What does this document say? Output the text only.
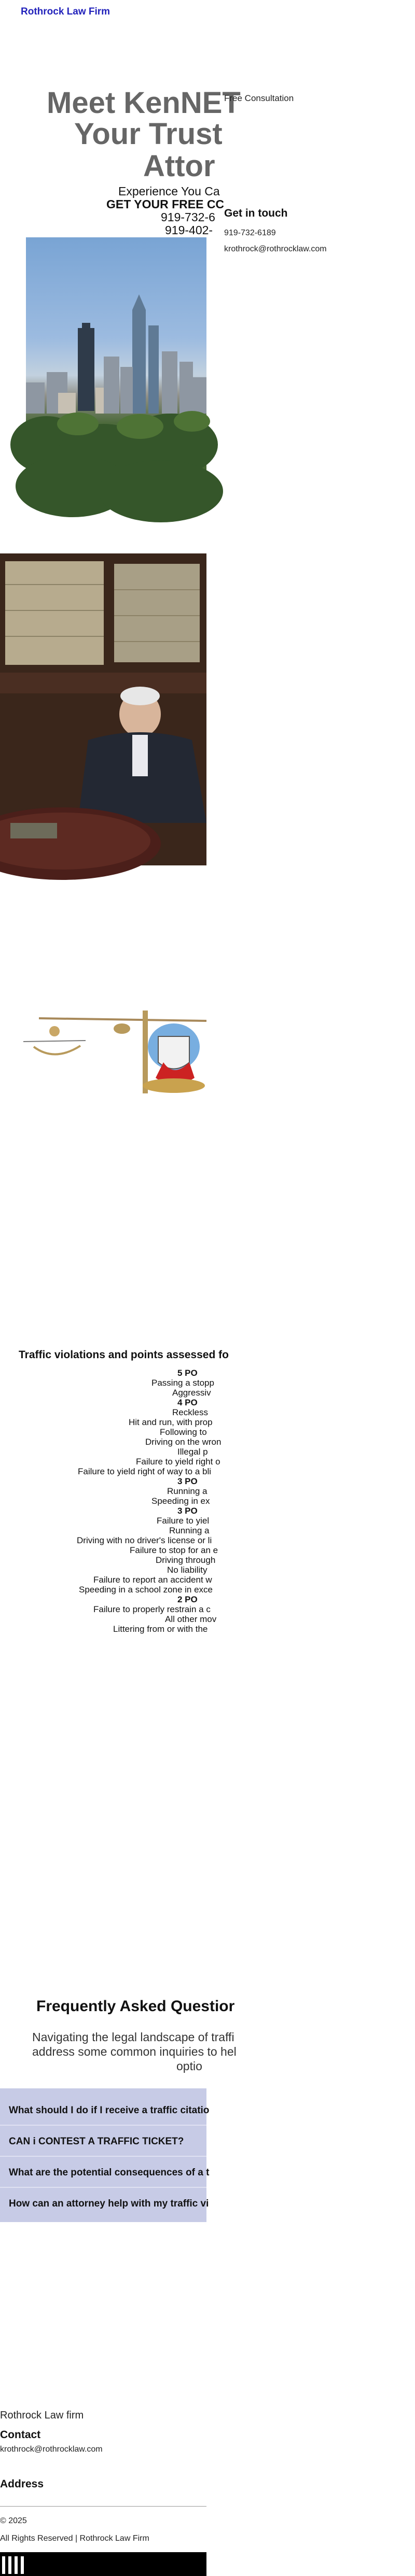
Rothrock Law Firm
Meet KenNET
Your Trust
Attor
Experience You Ca
GET YOUR FREE CC
919-732-6
919-402-
Free Consultation
Get in touch
919-732-6189
krothrock@rothrocklaw.com
Traffic violations and points assessed fo
5 PO
Passing a stopp
Aggressiv
4 PO
Reckless
Hit and run, with prop
Following to
Driving on the wron
Illegal p
Failure to yield right o
Failure to yield right of way to a bli
3 PO
Running a
Speeding in ex
3 PO
Failure to yiel
Running a
Driving with no driver's license or li
Failure to stop for an e
Driving through
No liability
Failure to report an accident w
Speeding in a school zone in exce
2 PO
Failure to properly restrain a c
All other mov
Littering from or with the
Frequently Asked Questior
Navigating the legal landscape of traffi
address some common inquiries to hel
optio
What should I do if I receive a traffic citatio
CAN i CONTEST A TRAFFIC TICKET?
What are the potential consequences of a t
How can an attorney help with my traffic vi
Rothrock Law firm
Contact
krothrock@rothrocklaw.com
Address
© 2025
All Rights Reserved | Rothrock Law Firm
